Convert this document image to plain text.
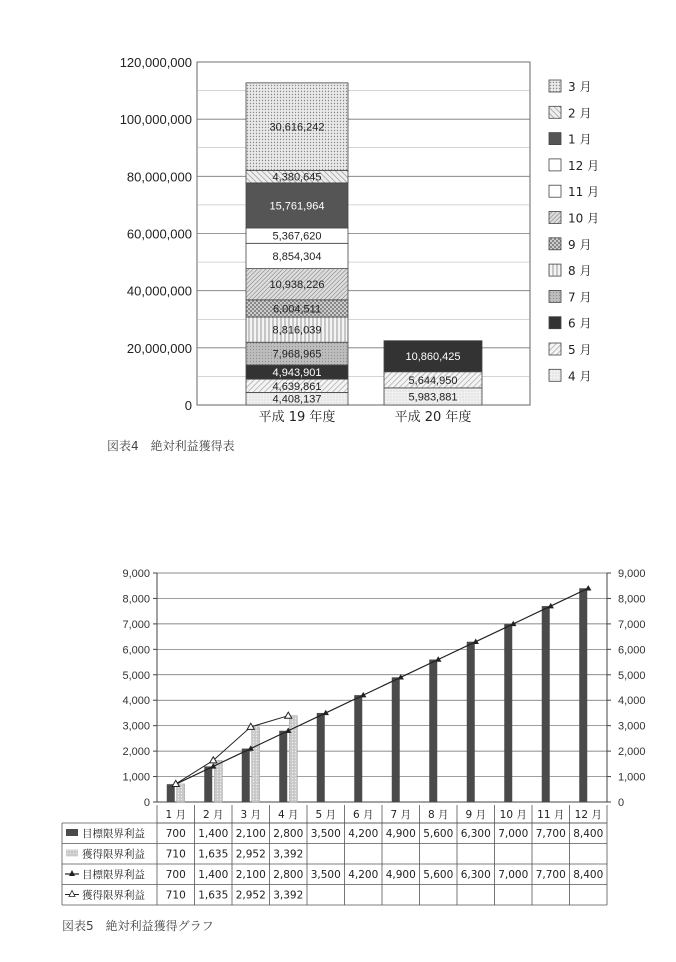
4,408,137
4,639,861
4,943,901
7,968,965
8,816,039
6,004,511
10,938,226
8,854,304
5,367,620
15,761,964
4,380,645
30,616,242
5,983,881
5,644,950
10,860,425
0
20,000,000
40,000,000
60,000,000
80,000,000
100,000,000
120,000,000
平成 19 年度	平成 20 年度
3 月
2 月
1 月
12 月
11 月
10 月
9 月
8 月
7 月
6 月
5 月
4 月
図表4　絶対利益獲得表
0	0
1,000	1,000
2,000	2,000
3,000	3,000
4,000	4,000
5,000	5,000
6,000	6,000
7,000	7,000
8,000	8,000
9,000	9,000
1 月 2 月 3 月 4 月 5 月 6 月 7 月 8 月 9 月 10 月 11 月 12 月
目標限界利益 700 1,400 2,100 2,800 3,500 4,200 4,900 5,600 6,300 7,000 7,700 8,400
獲得限界利益 710 1,635 2,952 3,392
目標限界利益 700 1,400 2,100 2,800 3,500 4,200 4,900 5,600 6,300 7,000 7,700 8,400
獲得限界利益 710 1,635 2,952 3,392
図表5　絶対利益獲得グラフ
